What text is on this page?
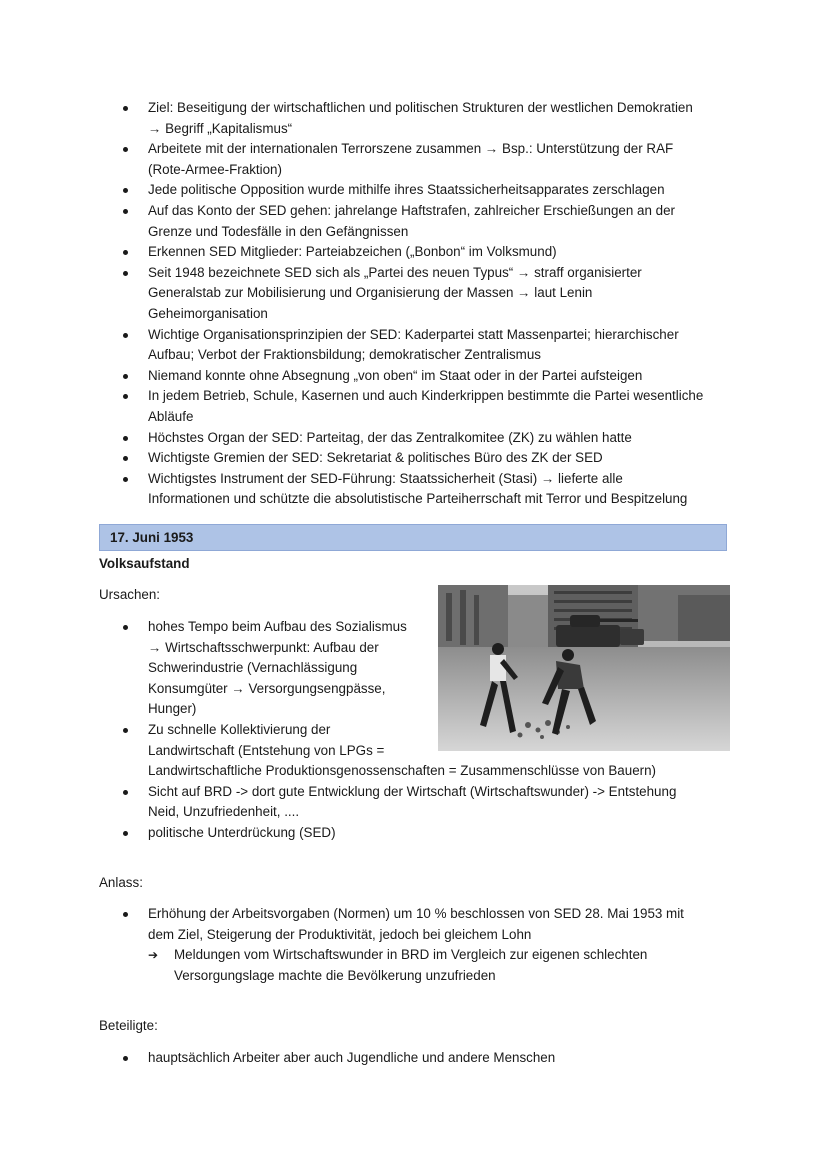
Ziel: Beseitigung der wirtschaftlichen und politischen Strukturen der westlichen Demokratien
→ Begriff „Kapitalismus“
Arbeitete mit der internationalen Terrorszene zusammen → Bsp.: Unterstützung der RAF
(Rote-Armee-Fraktion)
Jede politische Opposition wurde mithilfe ihres Staatssicherheitsapparates zerschlagen
Auf das Konto der SED gehen: jahrelange Haftstrafen, zahlreicher Erschießungen an der
Grenze und Todesfälle in den Gefängnissen
Erkennen SED Mitglieder: Parteiabzeichen („Bonbon“ im Volksmund)
Seit 1948 bezeichnete SED sich als „Partei des neuen Typus“ → straff organisierter
Generalstab zur Mobilisierung und Organisierung der Massen → laut Lenin
Geheimorganisation
Wichtige Organisationsprinzipien der SED: Kaderpartei statt Massenpartei; hierarchischer
Aufbau; Verbot der Fraktionsbildung; demokratischer Zentralismus
Niemand konnte ohne Absegnung „von oben“ im Staat oder in der Partei aufsteigen
In jedem Betrieb, Schule, Kasernen und auch Kinderkrippen bestimmte die Partei wesentliche
Abläufe
Höchstes Organ der SED: Parteitag, der das Zentralkomitee (ZK) zu wählen hatte
Wichtigste Gremien der SED: Sekretariat & politisches Büro des ZK der SED
Wichtigstes Instrument der SED-Führung: Staatssicherheit (Stasi) → lieferte alle
Informationen und schützte die absolutistische Parteiherrschaft mit Terror und Bespitzelung
17. Juni 1953
Volksaufstand
Ursachen:
hohes Tempo beim Aufbau des Sozialismus
→ Wirtschaftsschwerpunkt: Aufbau der
Schwerindustrie (Vernachlässigung
Konsumgüter → Versorgungsengpässe,
Hunger)
Zu schnelle Kollektivierung der
Landwirtschaft (Entstehung von LPGs =
Landwirtschaftliche Produktionsgenossenschaften = Zusammenschlüsse von Bauern)
Sicht auf BRD -> dort gute Entwicklung der Wirtschaft (Wirtschaftswunder) -> Entstehung
Neid, Unzufriedenheit, ....
politische Unterdrückung (SED)
Anlass:
Erhöhung der Arbeitsvorgaben (Normen) um 10 % beschlossen von SED 28. Mai 1953 mit
dem Ziel, Steigerung der Produktivität, jedoch bei gleichem Lohn
➔ Meldungen vom Wirtschaftswunder in BRD im Vergleich zur eigenen schlechten
Versorgungslage machte die Bevölkerung unzufrieden
Beteiligte:
hauptsächlich Arbeiter aber auch Jugendliche und andere Menschen
